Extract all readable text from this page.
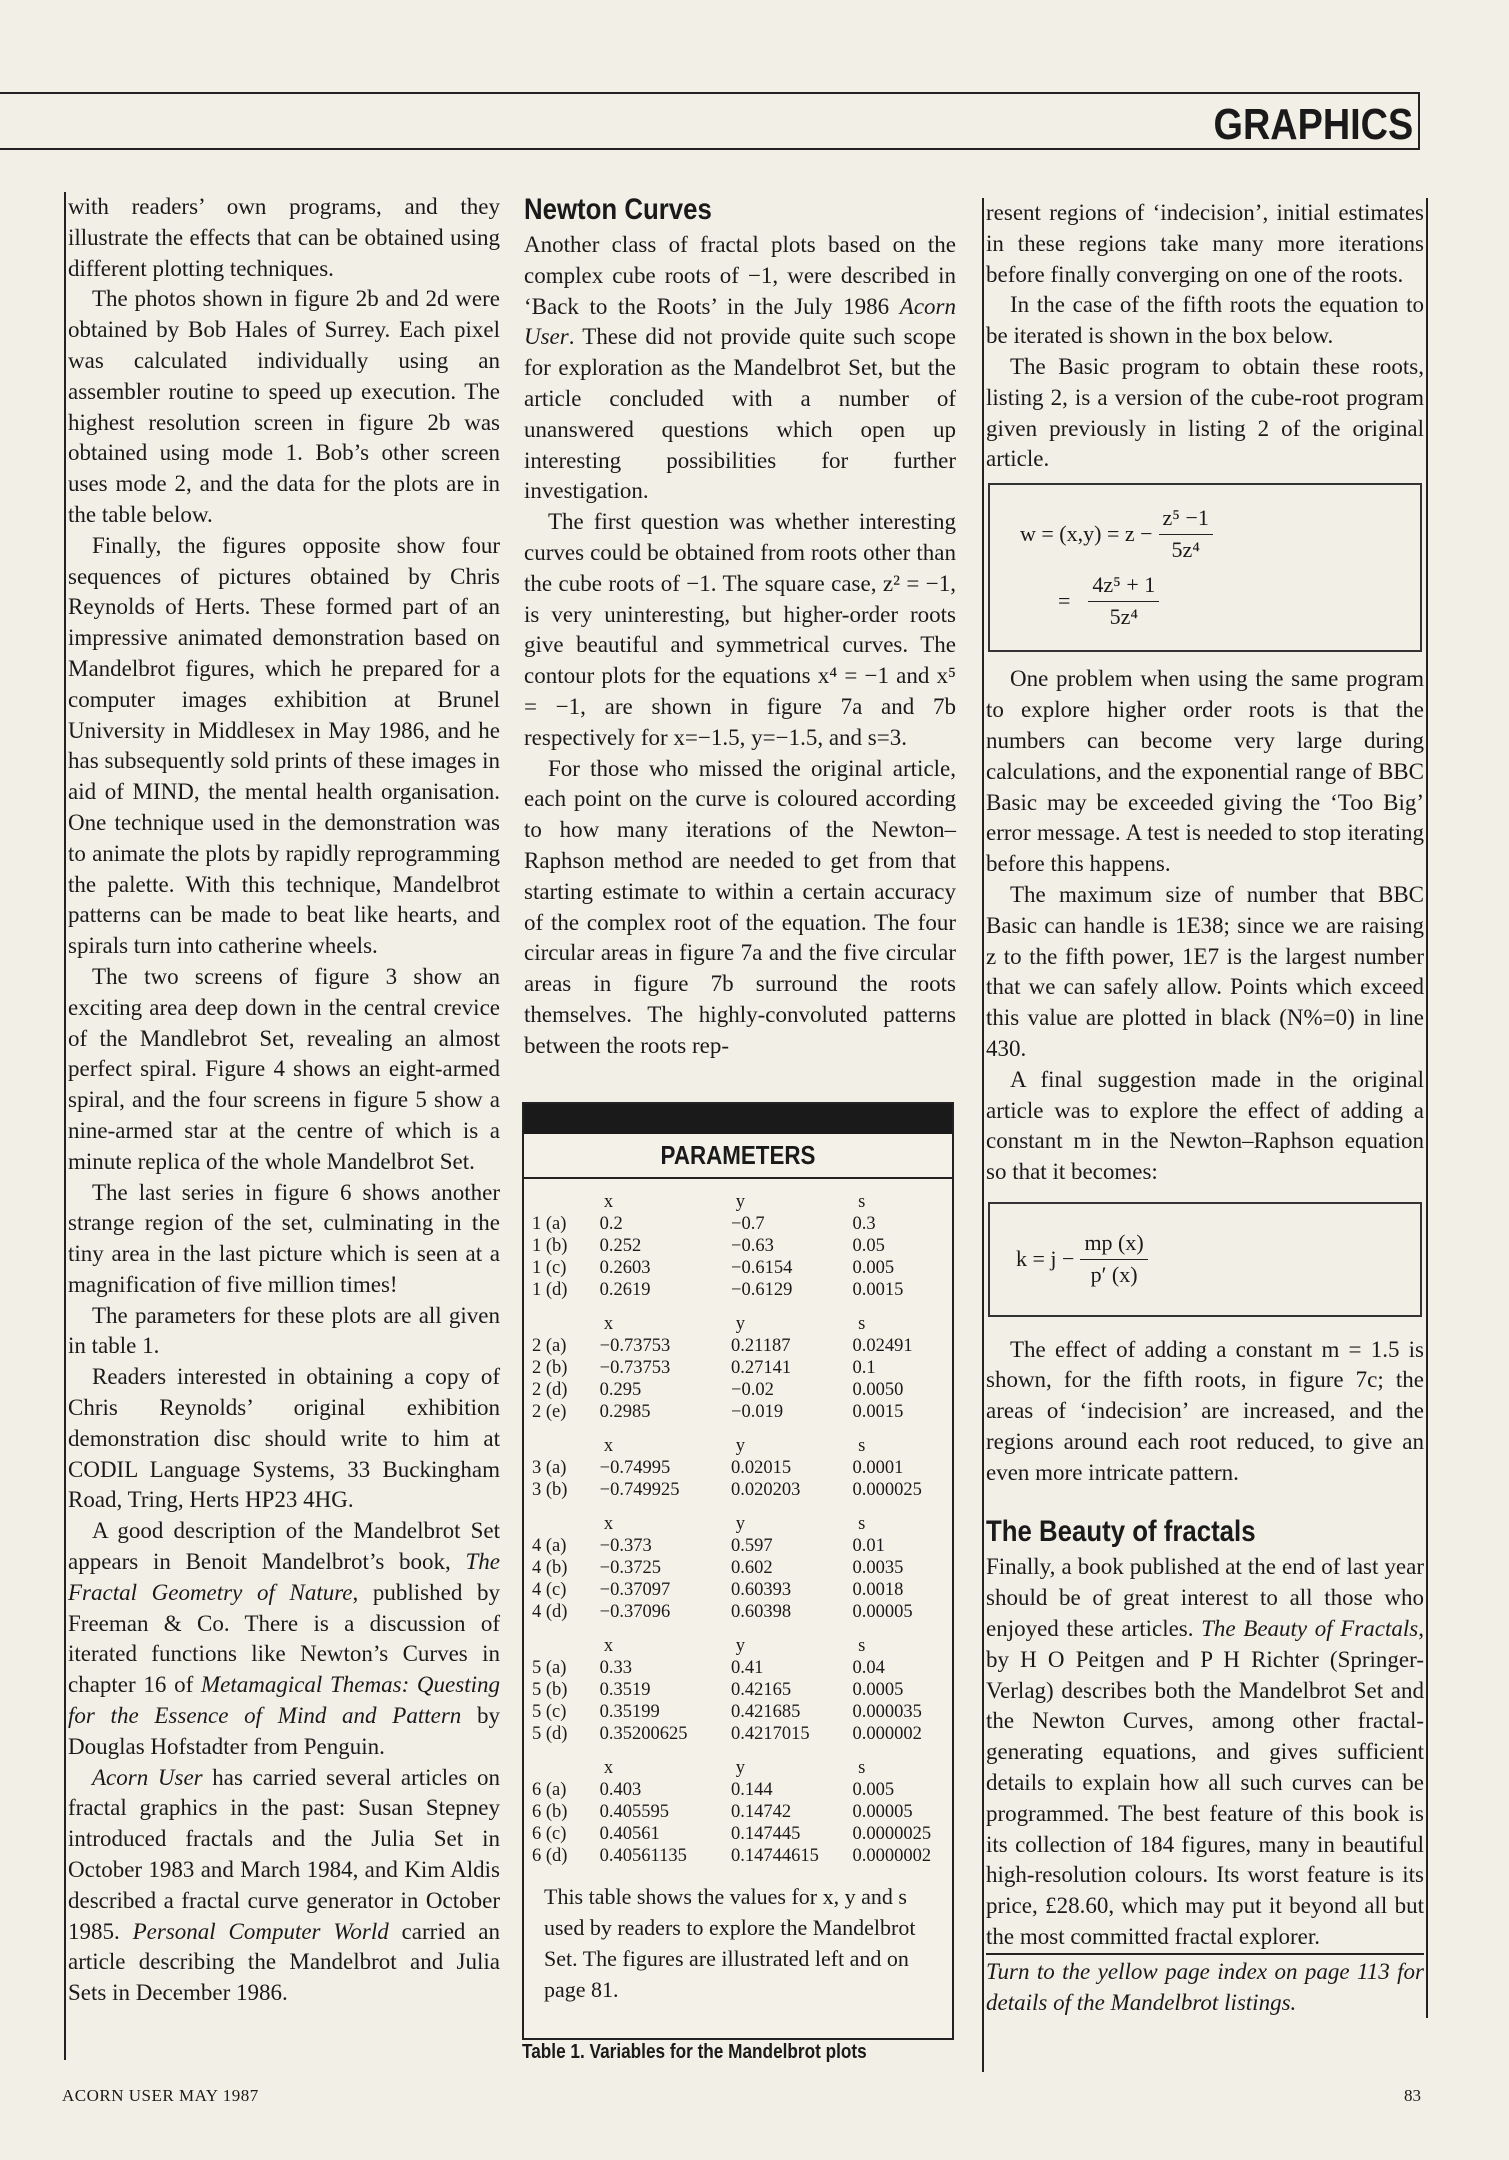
GRAPHICS

with readers’ own programs, and they illustrate the effects that can be obtained using different plotting techniques.

The photos shown in figure 2b and 2d were obtained by Bob Hales of Surrey. Each pixel was calculated individually using an assembler routine to speed up execution. The highest resolution screen in figure 2b was obtained using mode 1. Bob’s other screen uses mode 2, and the data for the plots are in the table below.

Finally, the figures opposite show four sequences of pictures obtained by Chris Reynolds of Herts. These formed part of an impressive animated demonstration based on Mandelbrot figures, which he prepared for a computer images exhibition at Brunel University in Middlesex in May 1986, and he has subsequently sold prints of these images in aid of MIND, the mental health organisation. One technique used in the demonstration was to animate the plots by rapidly reprogramming the palette. With this technique, Mandelbrot patterns can be made to beat like hearts, and spirals turn into catherine wheels.

The two screens of figure 3 show an exciting area deep down in the central crevice of the Mandlebrot Set, revealing an almost perfect spiral. Figure 4 shows an eight-armed spiral, and the four screens in figure 5 show a nine-armed star at the centre of which is a minute replica of the whole Mandelbrot Set.

The last series in figure 6 shows another strange region of the set, culminating in the tiny area in the last picture which is seen at a magnification of five million times!

The parameters for these plots are all given in table 1.

Readers interested in obtaining a copy of Chris Reynolds’ original exhibition demonstration disc should write to him at CODIL Language Systems, 33 Buckingham Road, Tring, Herts HP23 4HG.

A good description of the Mandelbrot Set appears in Benoit Mandelbrot’s book, The Fractal Geometry of Nature, published by Freeman & Co. There is a discussion of iterated functions like Newton’s Curves in chapter 16 of Metamagical Themas: Questing for the Essence of Mind and Pattern by Douglas Hofstadter from Penguin.

Acorn User has carried several articles on fractal graphics in the past: Susan Stepney introduced fractals and the Julia Set in October 1983 and March 1984, and Kim Aldis described a fractal curve generator in October 1985. Personal Computer World carried an article describing the Mandelbrot and Julia Sets in December 1986.

Newton Curves

Another class of fractal plots based on the complex cube roots of −1, were described in ‘Back to the Roots’ in the July 1986 Acorn User. These did not provide quite such scope for exploration as the Mandelbrot Set, but the article concluded with a number of unanswered questions which open up interesting possibilities for further investigation.

The first question was whether interesting curves could be obtained from roots other than the cube roots of −1. The square case, z² = −1, is very uninteresting, but higher-order roots give beautiful and symmetrical curves. The contour plots for the equations x⁴ = −1 and x⁵ = −1, are shown in figure 7a and 7b respectively for x=−1.5, y=−1.5, and s=3.

For those who missed the original article, each point on the curve is coloured according to how many iterations of the Newton–Raphson method are needed to get from that starting estimate to within a certain accuracy of the complex root of the equation. The four circular areas in figure 7a and the five circular areas in figure 7b surround the roots themselves. The highly-convoluted patterns between the roots rep-

PARAMETERS
x	y	s
1 (a)	0.2	−0.7	0.3
1 (b)	0.252	−0.63	0.05
1 (c)	0.2603	−0.6154	0.005
1 (d)	0.2619	−0.6129	0.0015
x	y	s
2 (a)	−0.73753	0.21187	0.02491
2 (b)	−0.73753	0.27141	0.1
2 (d)	0.295	−0.02	0.0050
2 (e)	0.2985	−0.019	0.0015
x	y	s
3 (a)	−0.74995	0.02015	0.0001
3 (b)	−0.749925	0.020203	0.000025
x	y	s
4 (a)	−0.373	0.597	0.01
4 (b)	−0.3725	0.602	0.0035
4 (c)	−0.37097	0.60393	0.0018
4 (d)	−0.37096	0.60398	0.00005
x	y	s
5 (a)	0.33	0.41	0.04
5 (b)	0.3519	0.42165	0.0005
5 (c)	0.35199	0.421685	0.000035
5 (d)	0.35200625	0.4217015	0.000002
x	y	s
6 (a)	0.403	0.144	0.005
6 (b)	0.405595	0.14742	0.00005
6 (c)	0.40561	0.147445	0.0000025
6 (d)	0.40561135	0.14744615	0.0000002
This table shows the values for x, y and s used by readers to explore the Mandelbrot Set. The figures are illustrated left and on page 81.
Table 1. Variables for the Mandelbrot plots

resent regions of ‘indecision’, initial estimates in these regions take many more iterations before finally converging on one of the roots.

In the case of the fifth roots the equation to be iterated is shown in the box below.

The Basic program to obtain these roots, listing 2, is a version of the cube-root program given previously in listing 2 of the original article.

$w = (x,y) = z - \frac{\text{z⁵ −1}}{\text{5z⁴}}$
= $\frac{\text{4z⁵ + 1}}{\text{5z⁴}}$

One problem when using the same program to explore higher order roots is that the numbers can become very large during calculations, and the exponential range of BBC Basic may be exceeded giving the ‘Too Big’ error message. A test is needed to stop iterating before this happens.

The maximum size of number that BBC Basic can handle is 1E38; since we are raising z to the fifth power, 1E7 is the largest number that we can safely allow. Points which exceed this value are plotted in black (N%=0) in line 430.

A final suggestion made in the original article was to explore the effect of adding a constant m in the Newton–Raphson equation so that it becomes:

$k = j - \frac{mp (x)}{p' (x)}$

The effect of adding a constant m = 1.5 is shown, for the fifth roots, in figure 7c; the areas of ‘indecision’ are increased, and the regions around each root reduced, to give an even more intricate pattern.

The Beauty of fractals

Finally, a book published at the end of last year should be of great interest to all those who enjoyed these articles. The Beauty of Fractals, by H O Peitgen and P H Richter (Springer-Verlag) describes both the Mandelbrot Set and the Newton Curves, among other fractal-generating equations, and gives sufficient details to explain how all such curves can be programmed. The best feature of this book is its collection of 184 figures, many in beautiful high-resolution colours. Its worst feature is its price, £28.60, which may put it beyond all but the most committed fractal explorer.

Turn to the yellow page index on page 113 for details of the Mandelbrot listings.

ACORN USER MAY 1987	83
